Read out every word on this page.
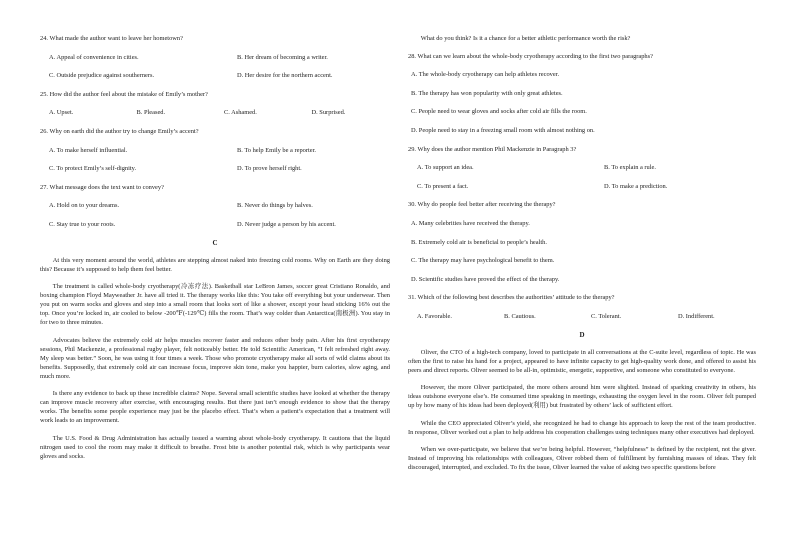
24. What made the author want to leave her hometown?
A. Appeal of convenience in cities.	B. Her dream of becoming a writer.
C. Outside prejudice against southerners.	D. Her desire for the northern accent.
25. How did the author feel about the mistake of Emily’s mother?
A. Upset.	B. Pleased.	C. Ashamed.	D. Surprised.
26. Why on earth did the author try to change Emily’s accent?
A. To make herself influential.	B. To help Emily be a reporter.
C. To protect Emily’s self-dignity.	D. To prove herself right.
27. What message does the text want to convey?
A. Hold on to your dreams.	B. Never do things by halves.
C. Stay true to your roots.	D. Never judge a person by his accent.
C

At this very moment around the world, athletes are stepping almost naked into freezing cold rooms. Why on Earth are they doing this? Because it’s supposed to help them feel better.

The treatment is called whole-body cryotherapy(冷冻疗法). Basketball star LeBron James, soccer great Cristiano Ronaldo, and boxing champion Floyd Mayweather Jr. have all tried it. The therapy works like this: You take off everything but your underwear. Then you put on warm socks and gloves and step into a small room that looks sort of like a shower, except your head sticking 16% out the top. Once you’re locked in, air cooled to below -200℉(-129℃) fills the room. That’s way colder than Antarctica(南极洲). You stay in for two to three minutes.

Advocates believe the extremely cold air helps muscles recover faster and reduces other body pain. After his first cryotherapy sessions, Phil Mackenzie, a professional rugby player, felt noticeably better. He told Scientific American, “I felt refreshed right away. My sleep was better.” Soon, he was using it four times a week. Those who promote cryotherapy make all sorts of wild claims about its benefits. Supposedly, that extremely cold air can increase focus, improve skin tone, make you happier, burn calories, slow aging, and much more.

Is there any evidence to back up these incredible claims? Nope. Several small scientific studies have looked at whether the therapy can improve muscle recovery after exercise, with encouraging results. But there just isn’t enough evidence to show that the therapy works. The benefits some people experience may just be the placebo effect. That’s when a patient’s expectation that a treatment will work leads to an improvement.

The U.S. Food & Drug Administration has actually issued a warning about whole-body cryotherapy. It cautions that the liquid nitrogen used to cool the room may make it difficult to breathe. Frost bite is another potential risk, which is why participants wear gloves and socks.

What do you think? Is it a chance for a better athletic performance worth the risk?

28. What can we learn about the whole-body cryotherapy according to the first two paragraphs?
A. The whole-body cryotherapy can help athletes recover.
B. The therapy has won popularity with only great athletes.
C. People need to wear gloves and socks after cold air fills the room.
D. People need to stay in a freezing small room with almost nothing on.
29. Why does the author mention Phil Mackenzie in Paragraph 3?
A. To support an idea.	B. To explain a rule.
C. To present a fact.	D. To make a prediction.
30. Why do people feel better after receiving the therapy?
A. Many celebrities have received the therapy.
B. Extremely cold air is beneficial to people’s health.
C. The therapy may have psychological benefit to them.
D. Scientific studies have proved the effect of the therapy.
31. Which of the following best describes the authorities’ attitude to the therapy?
A. Favorable.	B. Cautious.	C. Tolerant.	D. Indifferent.
D

Oliver, the CTO of a high-tech company, loved to participate in all conversations at the C-suite level, regardless of topic. He was often the first to raise his hand for a project, appeared to have infinite capacity to get high-quality work done, and offered to assist his peers and direct reports. Oliver seemed to be all-in, optimistic, energetic, supportive, and someone who constituted to everyone.

However, the more Oliver participated, the more others around him were slighted. Instead of sparking creativity in others, his ideas outshone everyone else’s. He consumed time speaking in meetings, exhausting the oxygen level in the room. Oliver felt pumped up by how many of his ideas had been deployed(利用) but frustrated by others’ lack of sufficient effort.

While the CEO appreciated Oliver’s yield, she recognized he had to change his approach to keep the rest of the team productive. In response, Oliver worked out a plan to help address his cooperation challenges using techniques many other executives had deployed.

When we over-participate, we believe that we’re being helpful. However, “helpfulness” is defined by the recipient, not the giver. Instead of improving his relationships with colleagues, Oliver robbed them of fulfillment by furnishing masses of ideas. They felt discouraged, interrupted, and excluded. To fix the issue, Oliver learned the value of asking two specific questions before
